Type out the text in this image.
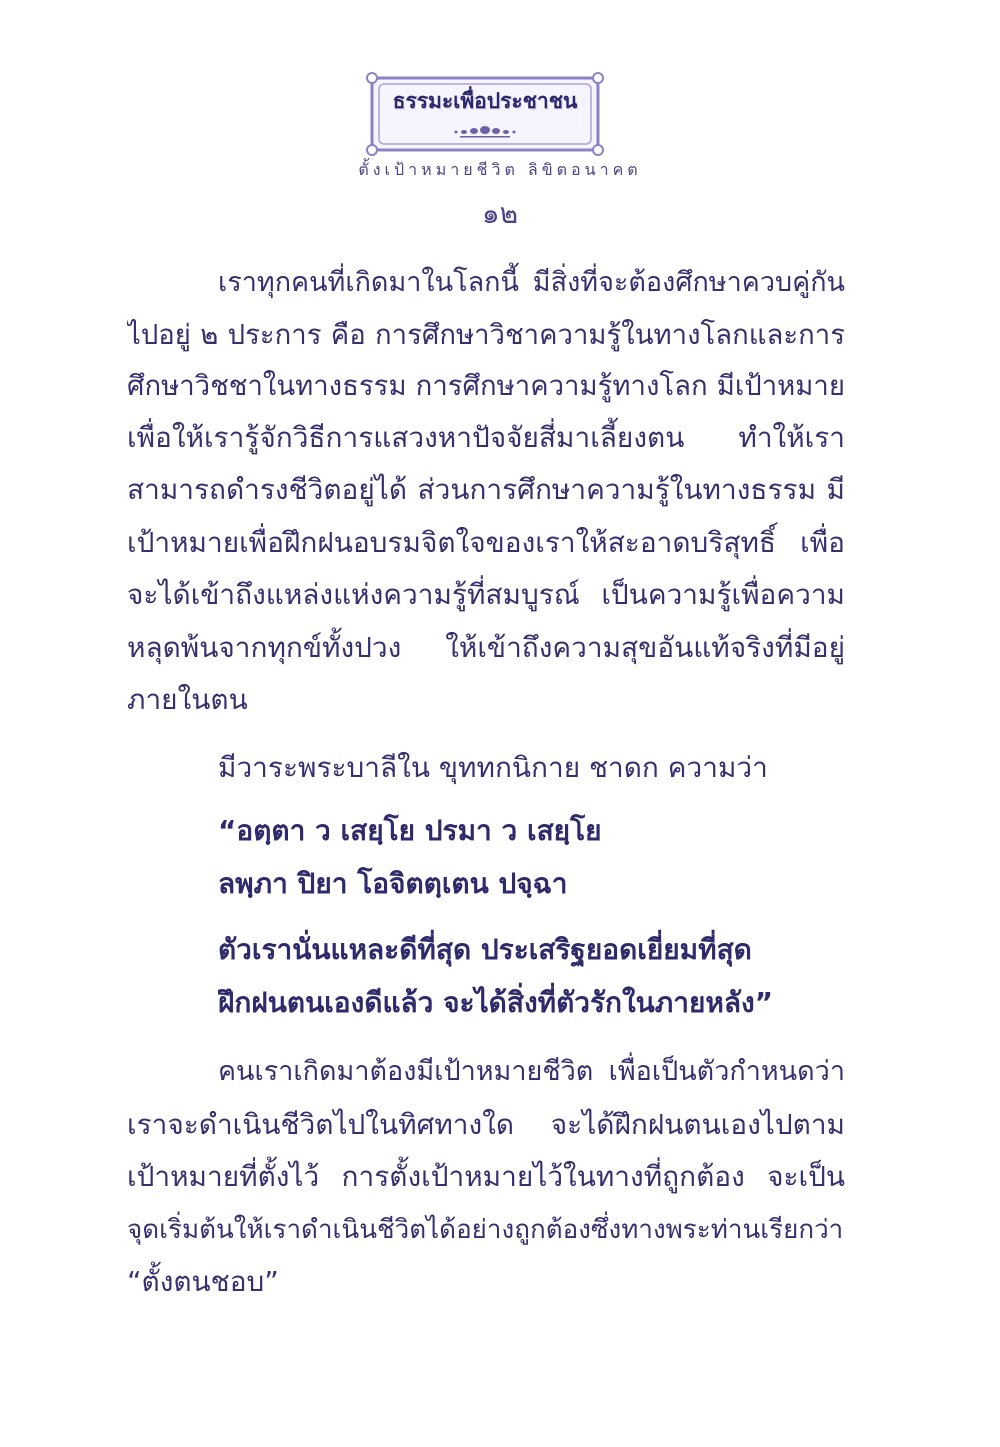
ธรรมะเพื่อประชาชน
ตั้งเป้าหมายชีวิต ลิขิตอนาคต
๑๒
เราทุกคนที่เกิดมาในโลกนี้ มีสิ่งที่จะต้องศึกษาควบคู่กัน
ไปอยู่ ๒ ประการ คือ การศึกษาวิชาความรู้ในทางโลกและการ
ศึกษาวิชชาในทางธรรม การศึกษาความรู้ทางโลก มีเป้าหมาย
เพื่อให้เรารู้จักวิธีการแสวงหาปัจจัยสี่มาเลี้ยงตน ทำให้เรา
สามารถดำรงชีวิตอยู่ได้ ส่วนการศึกษาความรู้ในทางธรรม มี
เป้าหมายเพื่อฝึกฝนอบรมจิตใจของเราให้สะอาดบริสุทธิ์ เพื่อ
จะได้เข้าถึงแหล่งแห่งความรู้ที่สมบูรณ์ เป็นความรู้เพื่อความ
หลุดพ้นจากทุกข์ทั้งปวง ให้เข้าถึงความสุขอันแท้จริงที่มีอยู่
ภายในตน
มีวาระพระบาลีใน ขุททกนิกาย ชาดก ความว่า
“อตฺตา ว เสยฺโย ปรมา ว เสยฺโย
ลพฺภา ปิยา โอจิตตฺเตน ปจฺฉา
ตัวเรานั่นแหละดีที่สุด ประเสริฐยอดเยี่ยมที่สุด
ฝึกฝนตนเองดีแล้ว จะได้สิ่งที่ตัวรักในภายหลัง”
คนเราเกิดมาต้องมีเป้าหมายชีวิต เพื่อเป็นตัวกำหนดว่า
เราจะดำเนินชีวิตไปในทิศทางใด จะได้ฝึกฝนตนเองไปตาม
เป้าหมายที่ตั้งไว้ การตั้งเป้าหมายไว้ในทางที่ถูกต้อง จะเป็น
จุดเริ่มต้นให้เราดำเนินชีวิตได้อย่างถูกต้องซึ่งทางพระท่านเรียกว่า
“ตั้งตนชอบ”
